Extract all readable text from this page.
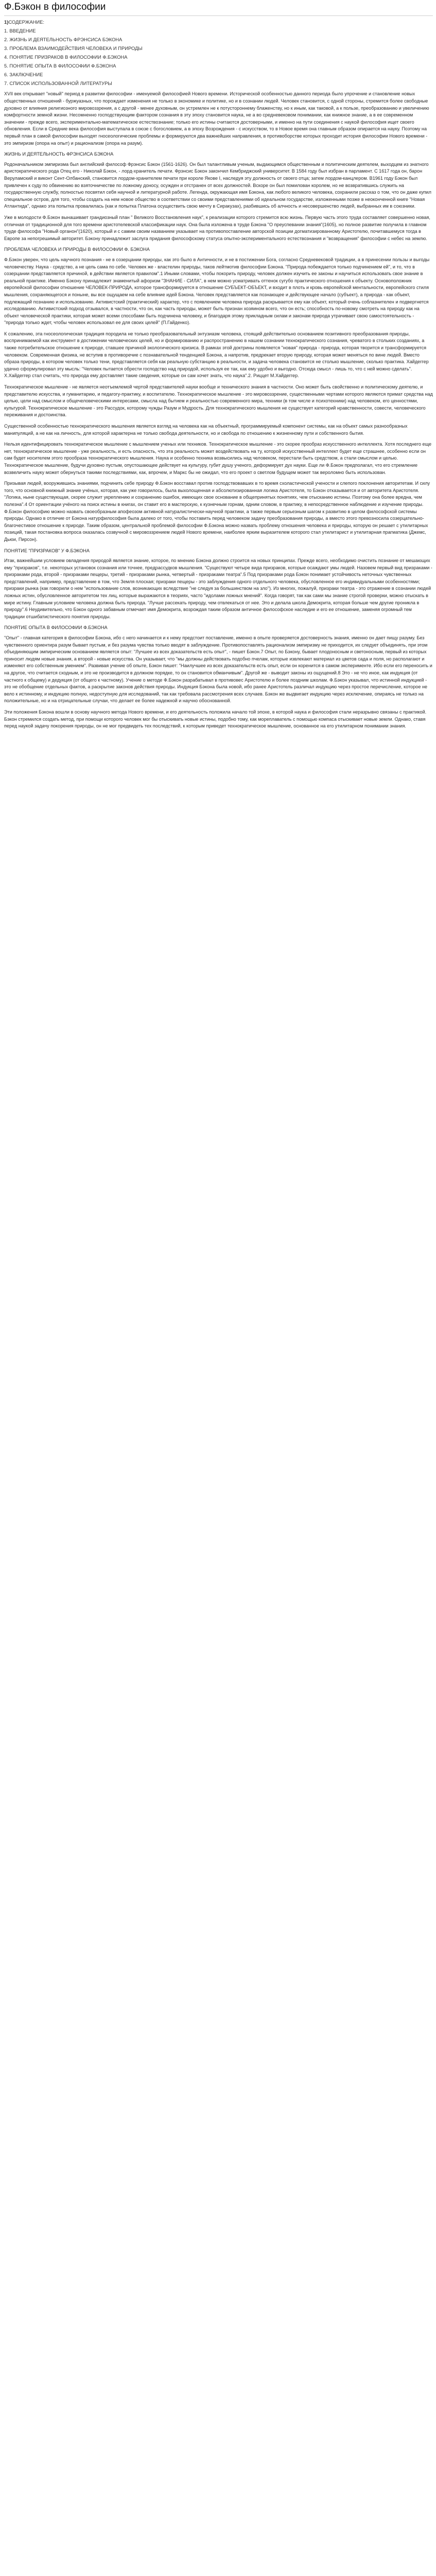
Ф.Бэкон в философии
1)СОДЕРЖАНИЕ:
1. ВВЕДЕНИЕ
2. ЖИЗНЬ И ДЕЯТЕЛЬНОСТЬ ФРЭНСИСА БЭКОНА
3. ПРОБЛЕМА ВЗАИМОДЕЙСТВИЯ ЧЕЛОВЕКА И ПРИРОДЫ
4. ПОНЯТИЕ ПРИЗРАКОВ В ФИЛОСОФИИ Ф.БЭКОНА
5. ПОНЯТИЕ ОПЫТА В ФИЛОСОФИИ Ф.БЭКОНА
6. ЗАКЛЮЧЕНИЕ
7. СПИСОК ИСПОЛЬЗОВАННОЙ ЛИТЕРАТУРЫ

XVII век открывает "новый" период в развитии философии - именуемой философией Нового времени. Исторической особенностью данного периода было упрочение и становление новых общественных отношений - буржуазных, что порождает изменения не только в экономике и политике, но и в сознании людей. Человек становится, с одной стороны, стремится более свободные духовно от влияния религиозного мировоззрения, а с другой - менее духовным, он устремлен не к потустороннему блаженству, но к иным, как таковой, а к пользе, преобразованию и увеличению комфортности земной жизни. Несомненно господствующим фактором сознания в эту эпоху становится наука, не а во средневековом понимании, как книжное знание, а в ее современном значении - прежде всего, экспериментально-математическое естествознание; только его истины считаются достоверными, и именно на пути соединения с наукой философия ищет своего обновления. Если в Средние века философия выступала в союзе с богословием, а в эпоху Возрождения - с искусством, то в Новое время она главным образом опирается на науку. Поэтому на первый план в самой философии выходят гносеологические проблемы и формируются два важнейших направления, в противоборстве которых проходит история философии Нового времени - это эмпиризм (опора на опыт) и рационализм (опора на разум).

ЖИЗНЬ И ДЕЯТЕЛЬНОСТЬ ФРЭНСИСА БЭКОНА

Родоначальником эмпиризма был английский философ Фрэнсис Бэкон (1561-1626). Он был талантливым ученым, выдающимся общественным и политическим деятелем, выходцем из знатного аристократического рода Отец его - Николай Бэкон, - лорд-хранитель печати. Фрэнсис Бэкон закончил Кембриджский университет. В 1584 году был избран в парламент. С 1617 года он, барон Веруламский и виконт Сент-Олбанский, становится лордом-хранителем печати при короле Якове I, наследуя эту должность от своего отца; затем лордом-канцлером. В1961 году Бэкон был привлечен к суду по обвинению во взяточничестве по ложному доносу, осужден и отстранен от всех должностей. Вскоре он был помилован королем, но не возвратившись служить на государственную службу, полностью посвятил себя научной и литературной работе. Легенда, окружающая имя Бэкона, как любого великого человека, сохранили рассказ о том, что он даже купил специальное остров, для того, чтобы создать на нем новое общество в соответствии со своими представлениями об идеальном государстве, изложенными позже в неоконченной книге "Новая Атлантида", однако эта попытка провалилась (как и попытка Платона осуществить свою мечту в Сиракузах), разбившись об алчность и несовершенство людей, выбранных им в союзники.

Уже в молодости Ф.Бэкон вынашивает грандиозный план " Великого Восстановления наук", к реализации которого стремится всю жизнь. Первую часть этого труда составляет совершенно новая, отличная от традиционной для того времени аристотелевской классификации наук. Она была изложена в труде Бэкона "О преуспевании знания"(1605), но полное развитие получила в главном труде философа "Новый органон"(1620), который и с самим своим названием указывает на противопоставление авторской позиции догматизированному Аристотелю, почитавшемуся тогда в Европе за непогрешимый авторитет. Бэкону принадлежит заслуга придания философскому статуса опытно-экспериментального естествознания и "возвращения" философии с небес на землю.

ПРОБЛЕМА ЧЕЛОВЕКА И ПРИРОДЫ В ФИЛОСОФИИ Ф. БЭКОНА

Ф.Бэкон уверен, что цель научного познания - не в созерцании природы, как это было в Античности, и не в постижении Бога, согласно Средневековой традиции, а в принесении пользы и выгоды человечеству. Наука - средство, а не цель сама по себе. Человек же - властелин природы, таков лейтмотив философии Бэкона. "Природа побеждается только подчинением ей", и то, что в созерцании представляется причиной, в действии является правилом".1 Иными словами, чтобы покорить природу, человек должен изучить ее законы и научиться использовать свое знание в реальной практике. Именно Бэкону принадлежит знаменитый афоризм "ЗНАНИЕ - СИЛА", в нем можно усматривать оттенок сугубо практического отношения к объекту. Основоположник европейской философии отношение ЧЕЛОВЕК-ПРИРОДА, которое трансформируется в отношение СУБЪЕКТ-ОБЪЕКТ, и входит в плоть и кровь европейской ментальности, европейского стиля мышления, сохраняющегося и поныне, вы все ощущаем на себе влияние идей Бэкона. Человек представляется как познающее и действующее начало (субъект), а природа - как объект, подлежащий познанию и использованию. Активистский (практический) характер, что с появлением человека природа раскрывается ему как объект, который очень соблазнителен и подвергнется исследованию. Активистский подход отзывался, в частности, что он, как часть природы, может быть признан хозяином всего, что он есть; способность по-новому смотреть на природу как на объект человеческой практики, которая может всеми способами быть подчинена человеку, и благодаря этому прикладным силам и законам природа утрачивает свою самостоятельность - "природа только ждет, чтобы человек использовал ее для своих целей" (П.Гайденко).

К сожалению, эта гносеологическая традиция породила не только преобразовательный энтузиазм человека, стоящий действительно основанием позитивного преобразования природы, воспринимаемой как инструмент в достижении человеческих целей, но и формированию и распространению в нашем сознании технократического сознания, чреватого в стольких созданиях, а также потребительское отношение к природе, ставшее причиной экологического кризиса. В рамках этой доктрины появляется "новая" природа - природа, которая творится и трансформируется человеком. Современная физика, не вступив в противоречие с познавательной тенденцией Бэкона, а напротив, предрекает вторую природу, которая может меняться по вине людей. Вместо образа природы, в котором человек только тени, представляется себя как реальную субстанцию в реальности, и задача человека становится не столько мышление, сколько практика. Хайдеггер удачно сформулировал эту мысль: "Человек пытается обрести господство над природой, используя ее так, как ему удобно и выгодно. Отсюда смысл - лишь то, что с ней можно сделать". Х.Хайдеггер стал считать, что природа ему доставляет такие сведения, которые он сам хочет знать, что наука".2. Риццет М.Хайдеггер.

Технократическое мышление - не является неотъемлемой чертой представителей науки вообще и технического знания в частности. Оно может быть свойственно и политическому деятелю, и представителю искусства, и гуманитарию, и педагогу-практику, и воспитателю. Технократическое мышление - это мировоззрение, существенными чертами которого являются примат средства над целью, цели над смыслом и общечеловеческими интересами, смысла над бытием и реальностью современного мира, техники (в том числе и психотехники) над человеком, его ценностями, культурой. Технократическое мышление - это Рассудок, которому чужды Разум и Мудрость. Для технократического мышления не существует категорий нравственности, совести, человеческого переживания и достоинства.

Существенной особенностью технократического мышления является взгляд на человека как на объектный, программируемый компонент системы, как на объект самых разнообразных манипуляций, а не как на личность, для которой характерна не только свобода деятельности, но и свобода по отношению к жизненному пути и собственного бытия.

Нельзя идентифицировать технократическое мышление с мышлением ученых или техников. Технократическое мышление - это скорее прообраз искусственного интеллекта. Хотя последнего еще нет, технократическое мышление - уже реальность, и есть опасность, что эта реальность может воздействовать на ту, которой искусственный интеллект будет еще страшнее, особенно если он сам будет носителем этого прообраза технократического мышления. Наука и особенно техника возвысились над человеком, перестали быть средством, а стали смыслом и целью. Технократическое мышление, будучи духовно пустым, опустошающее действует на культуру, губит душу ученого, деформирует дух науки. Еще ли Ф.Бэкон предполагал, что его стремление возвеличить науку может обернуться такими последствиями, как, впрочем, и Маркс бы не ожидал, что его проект о светлом будущем может так вероломно быть использован.

Призывая людей, вооружившись знаниями, подчинить себе природу Ф.Бэкон восставал против господствовавших в то время схоластической учености и слепого поклонения авторитетам. И силу того, что основной книжный знание учёных, которая, как уже говорилось, была выхолощенная и абсолютизированная логика Аристотеля, то Бэкон отказывается и от авторитета Аристотеля. "Логика, ныне существующая, скорее служит укреплению и сохранению ошибок, имеющих свое основание в общепринятых понятиях, чем отысканию истины. Поэтому она более вредна, чем полезна".4 От ориентации учёного на поиск истины в книгах, он ставит его в мастерскую, к кузнечным горнам, одним словом, в практику, в непосредственное наблюдение и изучение природы. Ф.Бэкон философию можно назвать своеобразным апофеозом активной натуралистически-научной практики, а также первым серьезным шагом к развитию в целом философской системы природы. Однако в отличие от Бэкона натурфилософия была далеко от того, чтобы поставить перед человеком задачу преобразования природы, а вместо этого превозносила созерцательно-благочестивое отношение к природе. Таким образом, центральной проблемой философии Ф.Бэкона можно назвать проблему отношения человека и природы, которую он решает с утилитарных позиций, такая постановка вопроса оказалась созвучной с мировоззрением людей Нового времени, наиболее ярким выразителем которого стал утилитарист и утилитарная прагматика (Джемс, Дьюи, Пирсон).

ПОНЯТИЕ "ПРИЗРАКОВ" У Ф.БЭКОНА

Итак, важнейшим условием овладения природой является знание, которое, по мнению Бэкона должно строится на новых принципах. Прежде всего, необходимо очистить познание от мешающих ему "призраков", т.е. некоторых установок сознания или точнее, предрассудков мышления. "Существуют четыре вида призраков, которые осаждают умы людей. Назовем первый вид призраками - призраками рода, второй - призраками пещеры, третий - призраками рынка, четвертый - призраками театра".5 Под призраками рода Бэкон понимает устойчивость неточных чувственных представлений, например, представление в том, что Земля плоская; призраки пещеры - это заблуждения одного отдельного человека, обусловленное его индивидуальными особенностями; призраки рынка (как говорили о нем "использование слов, возникающих вследствие "не следуя за большинством на зло"). Из многих, пожалуй, призраки театра - это отражение в сознании людей ложных истин, обусловленное авторитетом тех лиц, которые выражаются в теориях, часто "идолами ложных мнений". Когда говорят, так как сами мы знание строгой проверки, можно отыскать в мире истину. Главным условием человека должна быть природа. "Лучше рассекать природу, чем отвлекаться от нее. Это и делала школа Демокрита, которая больше чем другие проникла в природу".6 Неудивительно, что Бэкон одного забавным отмечает имя Демокрита, возрождая таким образом античное философское наследие и его ее отношение, заменяя огромный тем традиции отшибатистического понятия природы.

ПОНЯТИЕ ОПЫТА В ФИЛОСОФИИ Ф.БЭКОНА

"Опыт" - главная категория в философии Бэкона, ибо с него начинается и к нему предстоит поставление, именно в опыте проверяется достоверность знания, именно он дает пищу разуму. Без чувственного ориентира разум бывает пустым, и без разума чувства только вводят в заблуждение. Противопоставлять рационализм эмпиризму не приходится, их следует объединять, при этом объединяющим эмпирическим основанием является опыт: "Лучшее из всех доказательств есть опыт", - пишет Бэкон.7 Опыт, по Бэкону, бывает плодоносным и светоносным, первый из которых приносит людям новые знания, а второй - новые искусства. Он указывает, что "мы должны действовать подобно пчелам, которые извлекают материал из цветов сада и поля, но располагают и изменяют его собственным умением". Развивая учение об опыте, Бэкон пишет: "Наилучшее из всех доказательств есть опыт, если он коренится в самом эксперименте. Ибо если его переносить и на другое, что считается сходным, и это не производится в должном порядке, то он становится обманчивым". Другой же - выводит законы из ощущений.8 Это - не что иное, как индукция (от частного к общему) и дедукция (от общего к частному). Учение о методе Ф.Бэкон разрабатывал в противовес Аристотелю и более поздним школам. Ф.Бэкон указывал, что истинной индукцией - это не обобщение отдельных фактов, а раскрытие законов действия природы. Индукция Бэкона была новой, ибо ранее Аристотель различал индукцию через простое перечисление, которое не вело к истинному, и индукцию полную, недоступную для исследований, так как требовала рассмотрения всех случаев. Бэкон же выдвигает индукцию через исключение, опираясь не только на положительные, но и на отрицательные случаи, что делает ее более надежной и научно обоснованной.

Эти положения Бэкона вошли в основу научного метода Нового времени, и его деятельность положила начало той эпохе, в которой наука и философия стали неразрывно связаны с практикой. Бэкон стремился создать метод, при помощи которого человек мог бы отыскивать новые истины, подобно тому, как мореплаватель с помощью компаса отыскивает новые земли. Однако, ставя перед наукой задачу покорения природы, он не мог предвидеть тех последствий, к которым приведет технократическое мышление, основанное на его утилитарном понимании знания.
